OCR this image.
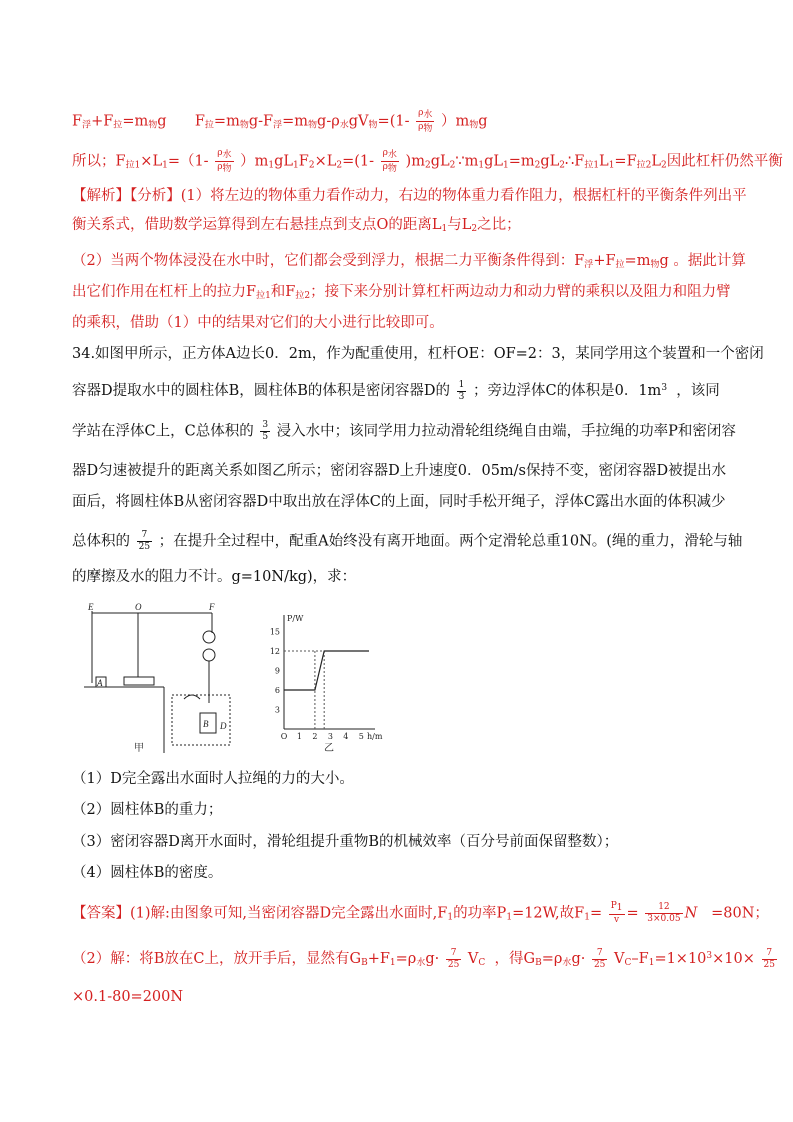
$F_浮+F_拉=m_物g$　   $F_拉=m_物g-F_浮=m_物g-\rho_水gV_物=(1- \frac{\rho_水}{\rho_物} )m_物g$
所以；$F_{拉1}\times L_1=(1- \frac{\rho_水}{\rho_物} )m_1gL_1F_2\times L_2=(1- \frac{\rho_水}{\rho_物}$ )$m_2gL_2\because m_1gL_1=m_2gL_2\therefore F_{拉1}L_1=F_{拉2}L_2$因此杠杆仍然平衡
【解析】【分析】(1）将左边的物体重力看作动力，右边的物体重力看作阻力，根据杠杆的平衡条件列出平
衡关系式，借助数学运算得到左右悬挂点到支点O的距离$L_1$与$L_2$之比；
（2）当两个物体浸没在水中时，它们都会受到浮力，根据二力平衡条件得到：$F_浮+F_拉=m_物g$ 。据此计算
出它们作用在杠杆上的拉力$F_{拉1}$和$F_{拉2}$；接下来分别计算杠杆两边动力和动力臂的乘积以及阻力和阻力臂
的乘积，借助（1）中的结果对它们的大小进行比较即可。
34.如图甲所示，正方体A边长0．2m，作为配重使用，杠杆OE：OF=2：3，某同学用这个装置和一个密闭
容器D提取水中的圆柱体B，圆柱体B的体积是密闭容器D的 $\frac{1}{3}$ ；旁边浮体C的体积是0．$1m^3$  ，该同
学站在浮体C上，C总体积的 $\frac{3}{5}$ 浸入水中；该同学用力拉动滑轮组绕绳自由端，手拉绳的功率P和密闭容
器D匀速被提升的距离关系如图乙所示；密闭容器D上升速度0．05m/s保持不变，密闭容器D被提出水
面后，将圆柱体B从密闭容器D中取出放在浮体C的上面，同时手松开绳子，浮体C露出水面的体积减少
总体积的 $\frac{7}{25}$ ；在提升全过程中，配重A始终没有离开地面。两个定滑轮总重10N。(绳的重力，滑轮与轴
的摩擦及水的阻力不计。g=10N/kg)，求：
E	O	F
A
B D
甲
15
12
9
6
3
O 1 2 3 4 5
P/W
h/m
乙
（1）D完全露出水面时人拉绳的力的大小。
（2）圆柱体B的重力；
（3）密闭容器D离开水面时，滑轮组提升重物B的机械效率（百分号前面保留整数）；
（4）圆柱体B的密度。
【答案】(1)解:由图象可知,当密闭容器D完全露出水面时$,F_1$的功率$P_1=12W$,故$F_1= \frac{P_1}{v} = \frac{12}{3\times 0.05}$ N   =80N；
（2）解：将B放在C上，放开手后，显然有$G_B+F_1=\rho_水g\cdot \frac{7}{25} V_C$  ，得$G_B=\rho_水g\cdot \frac{7}{25} V_C-F_1=1\times 10^3\times 10\times \frac{7}{25}$
×0.1-80=200N
